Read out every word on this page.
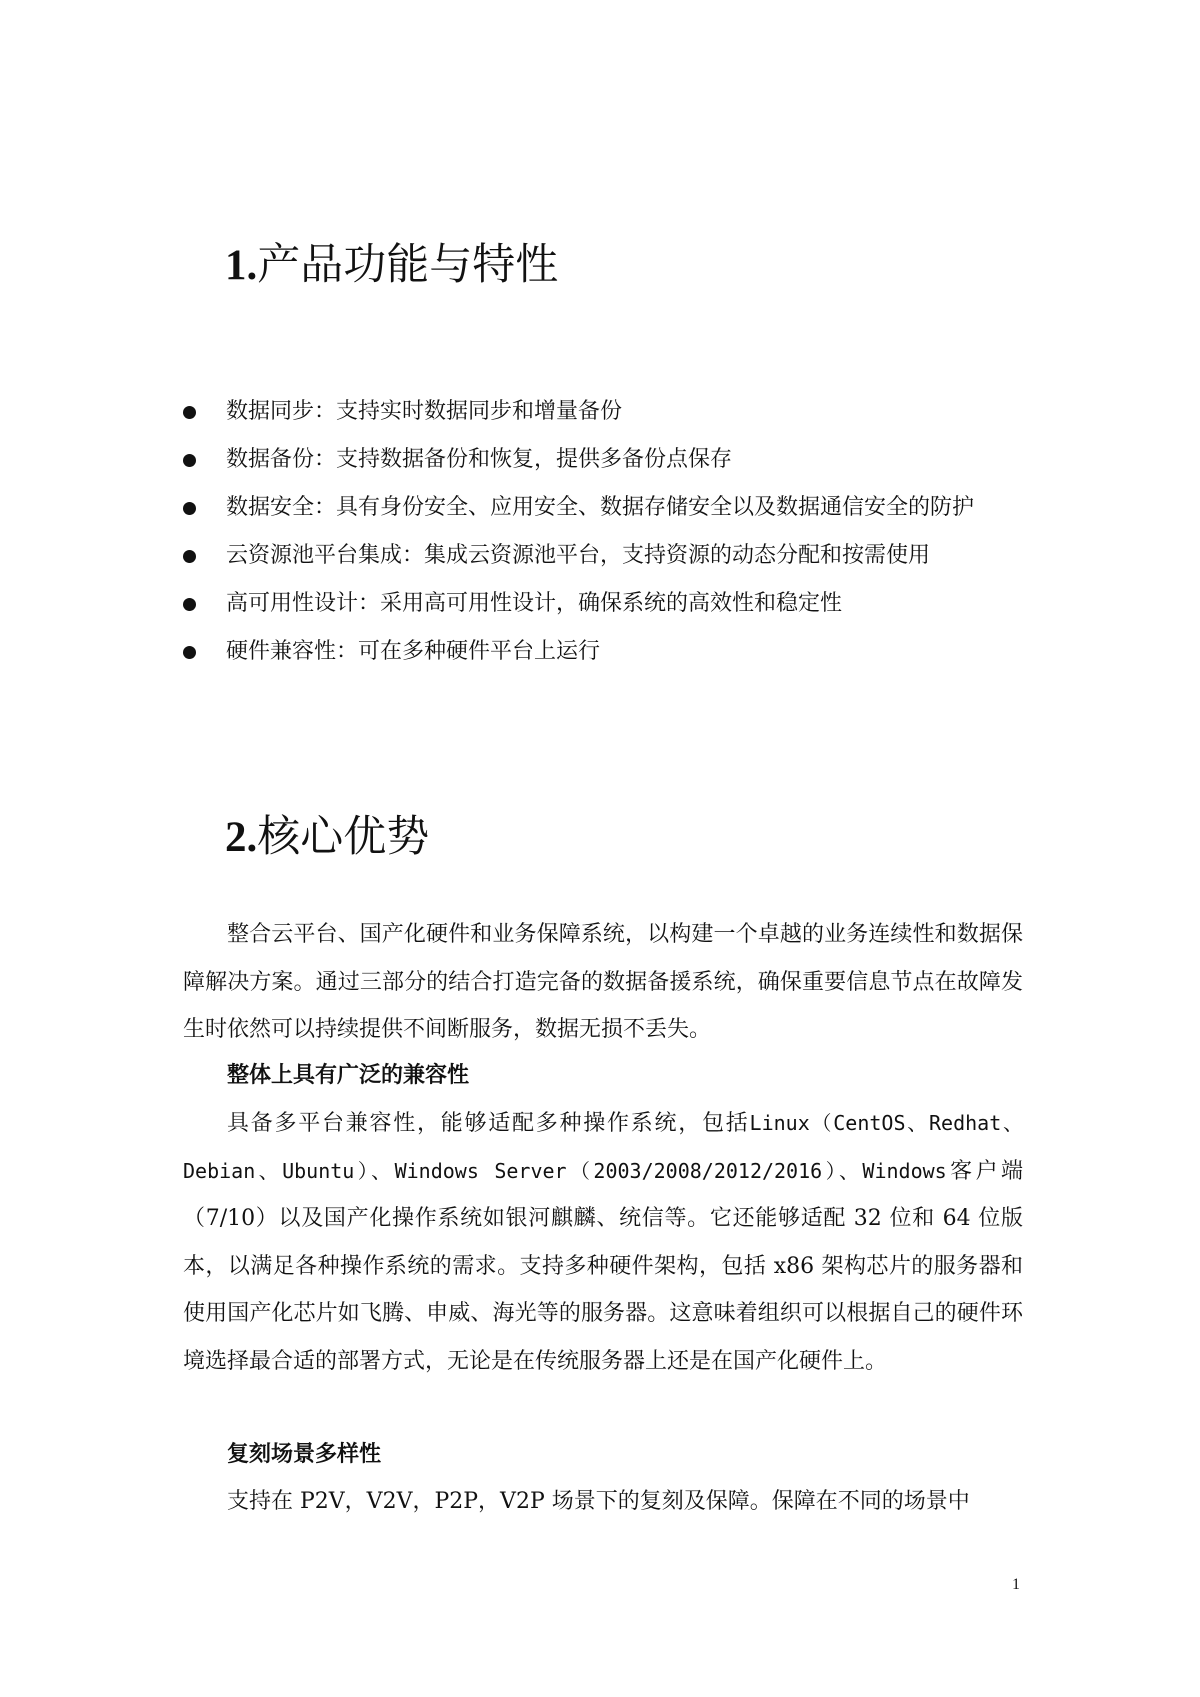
1.产品功能与特性
数据同步：支持实时数据同步和增量备份
数据备份：支持数据备份和恢复，提供多备份点保存
数据安全：具有身份安全、应用安全、数据存储安全以及数据通信安全的防护
云资源池平台集成：集成云资源池平台，支持资源的动态分配和按需使用
高可用性设计：采用高可用性设计，确保系统的高效性和稳定性
硬件兼容性：可在多种硬件平台上运行
2.核心优势

整合云平台、国产化硬件和业务保障系统，以构建一个卓越的业务连续性和数据保障解决方案。通过三部分的结合打造完备的数据备援系统，确保重要信息节点在故障发生时依然可以持续提供不间断服务，数据无损不丢失。

整体上具有广泛的兼容性

具备多平台兼容性，能够适配多种操作系统，包括Linux（CentOS、Redhat、Debian、Ubuntu）、Windows Server（2003/2008/2012/2016）、Windows客户端（7/10）以及国产化操作系统如银河麒麟、统信等。它还能够适配 32 位和 64 位版本，以满足各种操作系统的需求。支持多种硬件架构，包括 x86 架构芯片的服务器和使用国产化芯片如飞腾、申威、海光等的服务器。这意味着组织可以根据自己的硬件环境选择最合适的部署方式，无论是在传统服务器上还是在国产化硬件上。

复刻场景多样性

支持在 P2V，V2V，P2P，V2P 场景下的复刻及保障。保障在不同的场景中

1
